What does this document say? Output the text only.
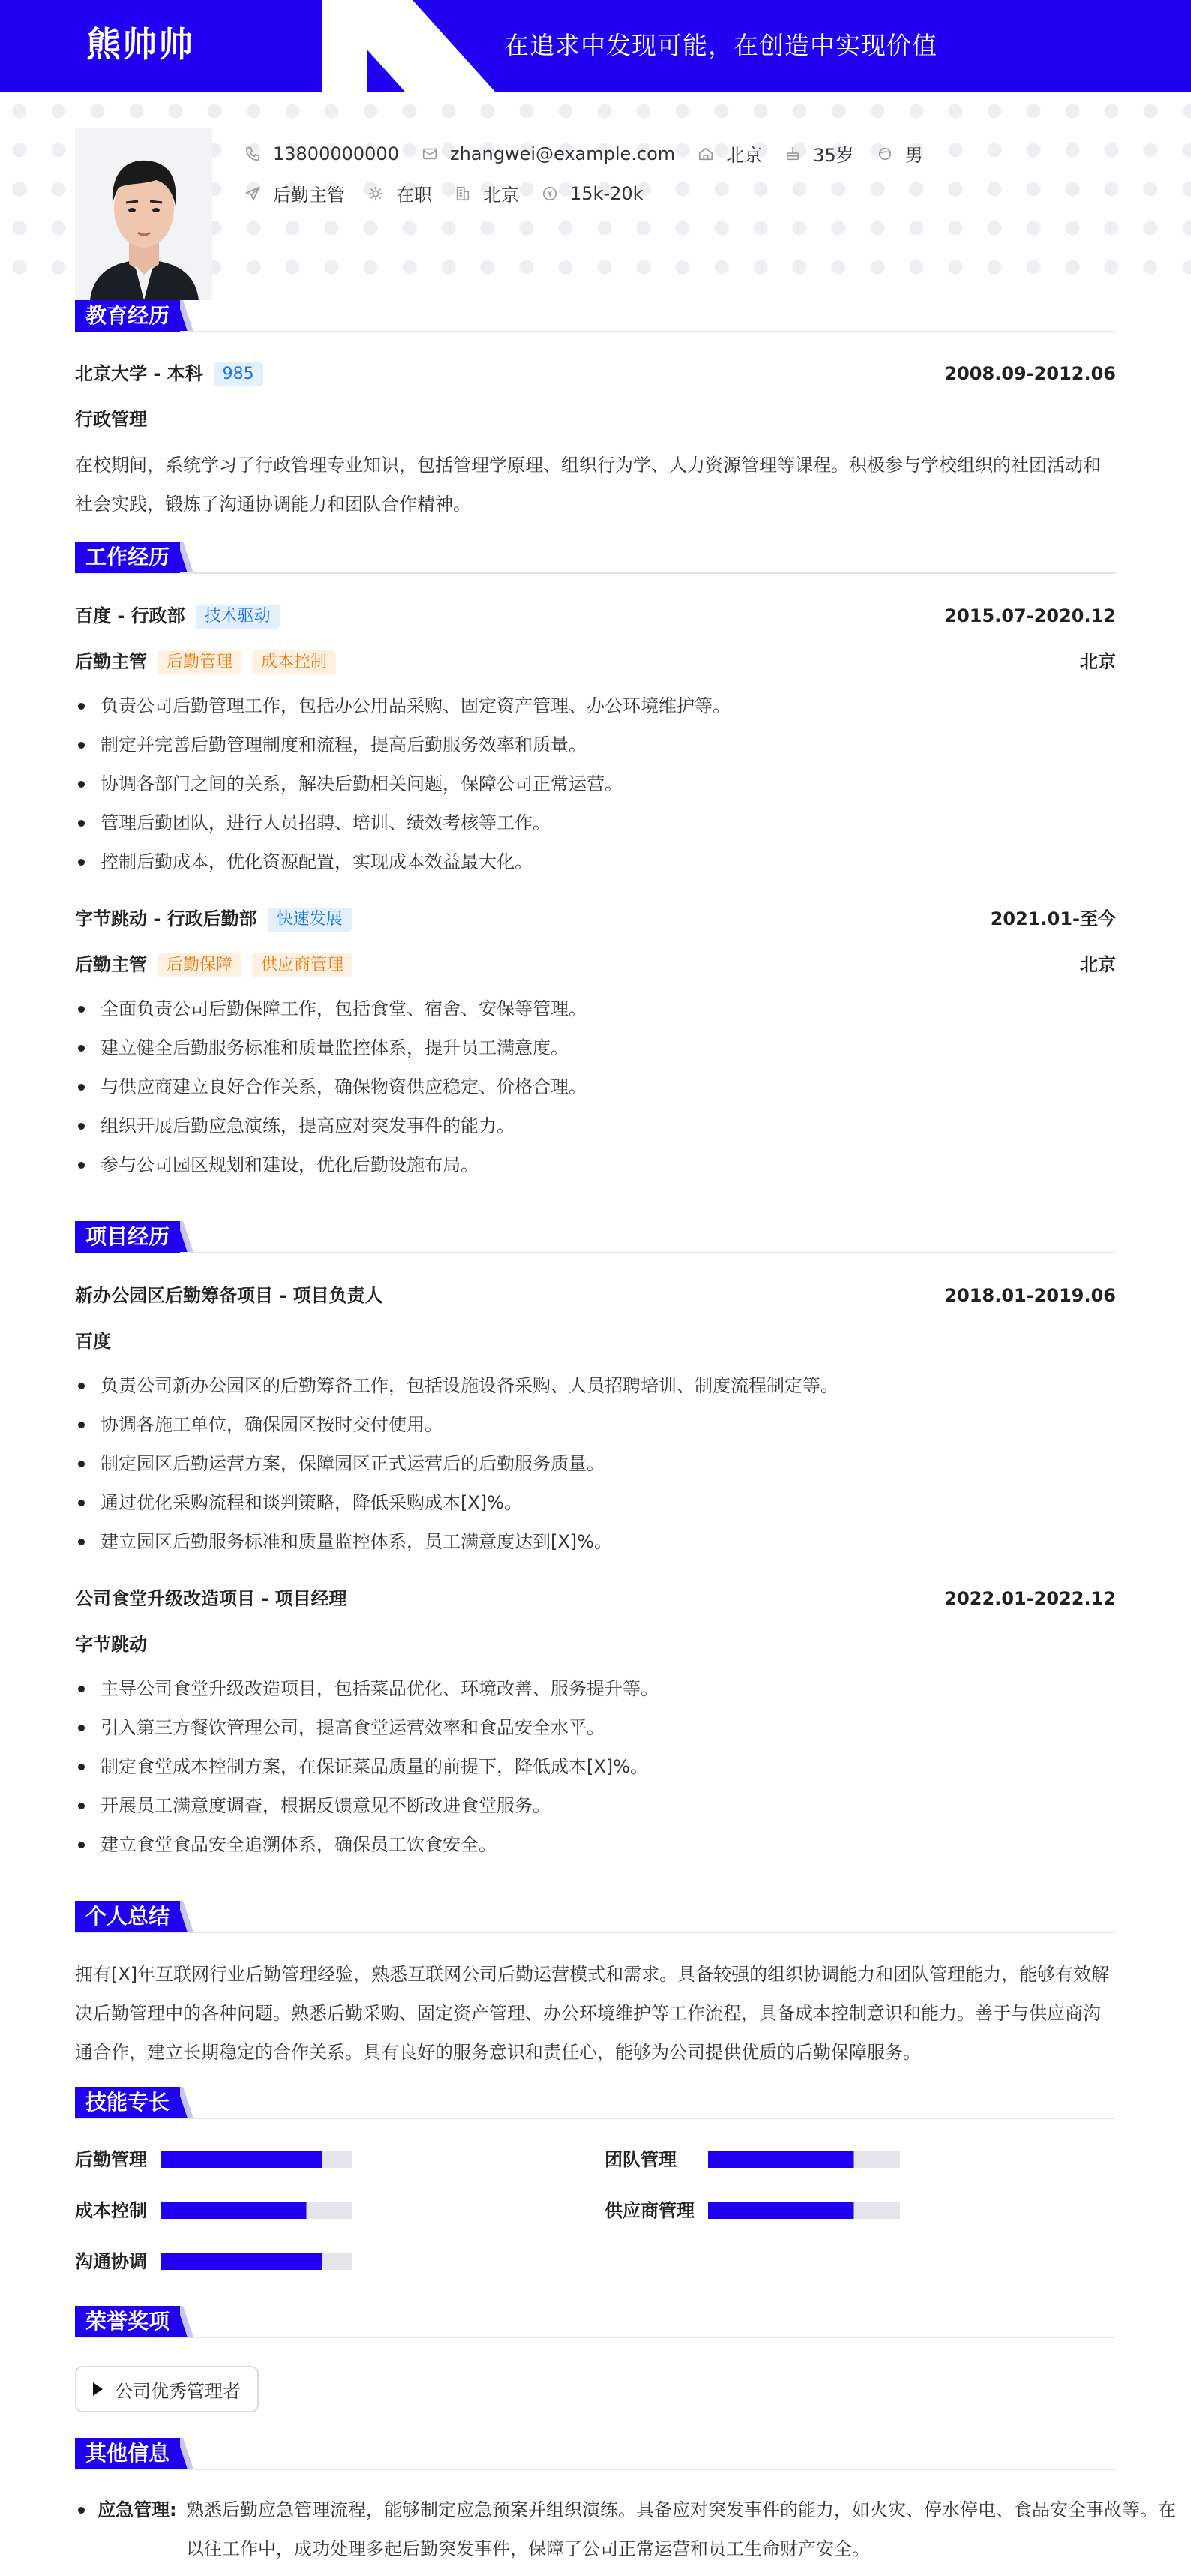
熊帅帅	在追求中发现可能，在创造中实现价值
13800000000	zhangwei@example.com	北京	35岁	男
后勤主管	在职	北京	15k-20k
教育经历
北京大学 - 本科 985	2008.09-2012.06
行政管理
在校期间，系统学习了行政管理专业知识，包括管理学原理、组织行为学、人力资源管理等课程。积极参与学校组织的社团活动和社会实践，锻炼了沟通协调能力和团队合作精神。
工作经历
百度 - 行政部 技术驱动	2015.07-2020.12
后勤主管 后勤管理 成本控制	北京
负责公司后勤管理工作，包括办公用品采购、固定资产管理、办公环境维护等。
制定并完善后勤管理制度和流程，提高后勤服务效率和质量。
协调各部门之间的关系，解决后勤相关问题，保障公司正常运营。
管理后勤团队，进行人员招聘、培训、绩效考核等工作。
控制后勤成本，优化资源配置，实现成本效益最大化。
字节跳动 - 行政后勤部 快速发展	2021.01-至今
后勤主管 后勤保障 供应商管理	北京
全面负责公司后勤保障工作，包括食堂、宿舍、安保等管理。
建立健全后勤服务标准和质量监控体系，提升员工满意度。
与供应商建立良好合作关系，确保物资供应稳定、价格合理。
组织开展后勤应急演练，提高应对突发事件的能力。
参与公司园区规划和建设，优化后勤设施布局。
项目经历
新办公园区后勤筹备项目 - 项目负责人	2018.01-2019.06
百度
负责公司新办公园区的后勤筹备工作，包括设施设备采购、人员招聘培训、制度流程制定等。
协调各施工单位，确保园区按时交付使用。
制定园区后勤运营方案，保障园区正式运营后的后勤服务质量。
通过优化采购流程和谈判策略，降低采购成本[X]%。
建立园区后勤服务标准和质量监控体系，员工满意度达到[X]%。
公司食堂升级改造项目 - 项目经理	2022.01-2022.12
字节跳动
主导公司食堂升级改造项目，包括菜品优化、环境改善、服务提升等。
引入第三方餐饮管理公司，提高食堂运营效率和食品安全水平。
制定食堂成本控制方案，在保证菜品质量的前提下，降低成本[X]%。
开展员工满意度调查，根据反馈意见不断改进食堂服务。
建立食堂食品安全追溯体系，确保员工饮食安全。
个人总结
拥有[X]年互联网行业后勤管理经验，熟悉互联网公司后勤运营模式和需求。具备较强的组织协调能力和团队管理能力，能够有效解决后勤管理中的各种问题。熟悉后勤采购、固定资产管理、办公环境维护等工作流程，具备成本控制意识和能力。善于与供应商沟通合作，建立长期稳定的合作关系。具有良好的服务意识和责任心，能够为公司提供优质的后勤保障服务。
技能专长
后勤管理	团队管理
成本控制	供应商管理
沟通协调
荣誉奖项
公司优秀管理者
其他信息
应急管理: 熟悉后勤应急管理流程，能够制定应急预案并组织演练。具备应对突发事件的能力，如火灾、停水停电、食品安全事故等。在以往工作中，成功处理多起后勤突发事件，保障了公司正常运营和员工生命财产安全。
